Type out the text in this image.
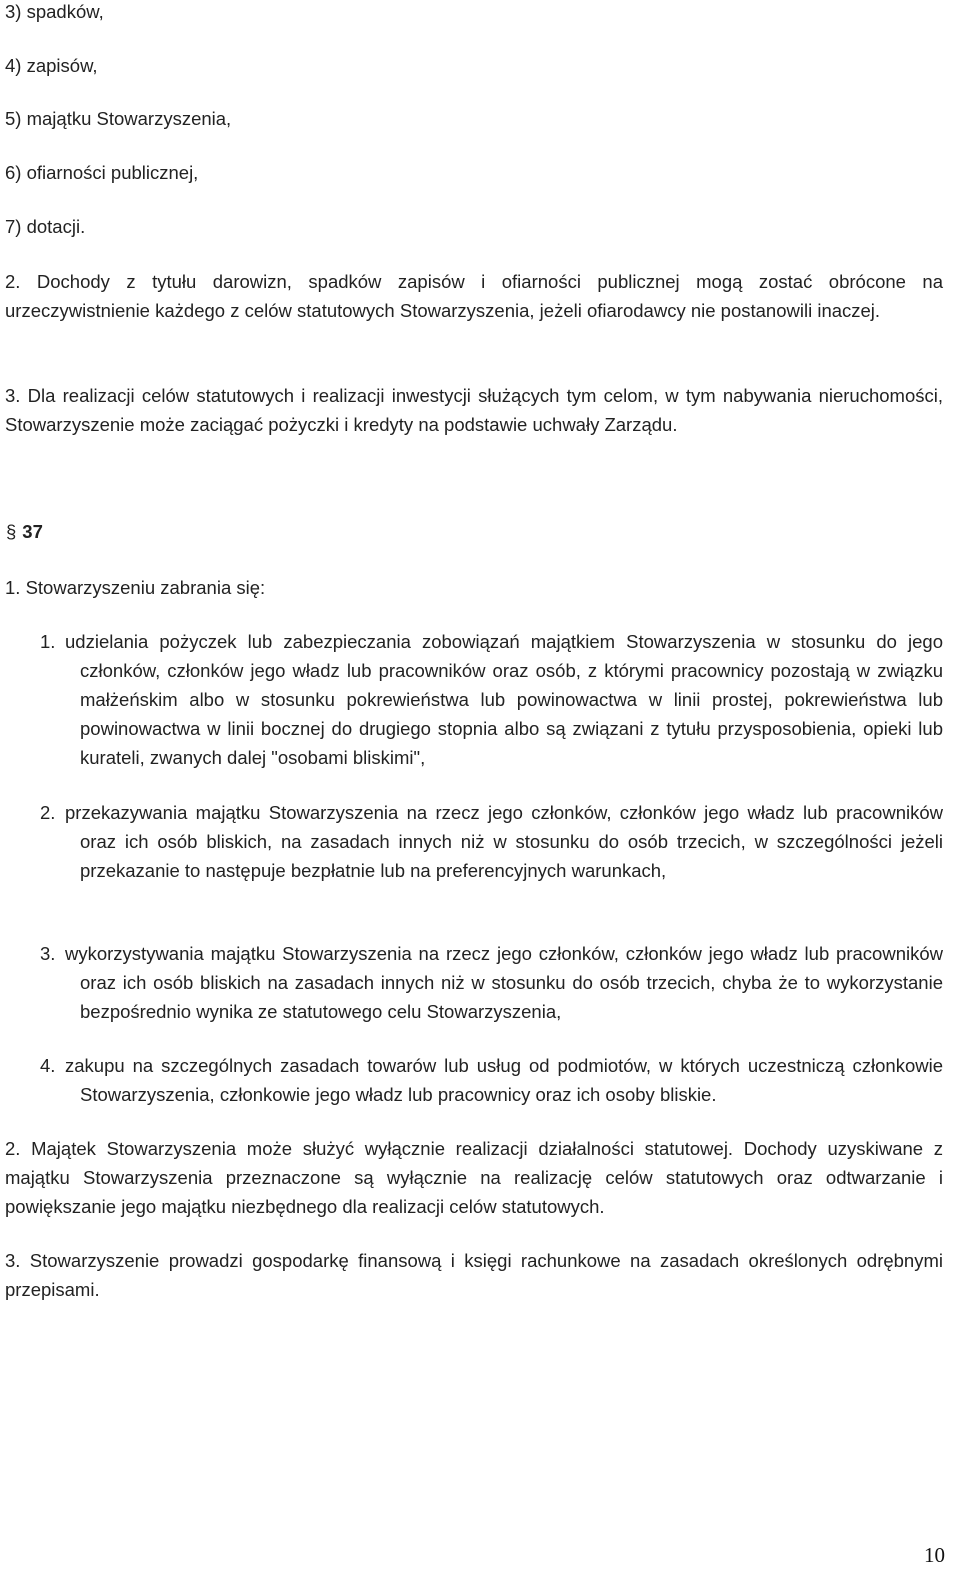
3) spadków,
4) zapisów,
5) majątku Stowarzyszenia,
6) ofiarności publicznej,
7) dotacji.
2. Dochody z tytułu darowizn, spadków zapisów i ofiarności publicznej mogą zostać obrócone na urzeczywistnienie każdego z celów statutowych Stowarzyszenia, jeżeli ofiarodawcy nie postanowili inaczej.
3. Dla realizacji celów statutowych i realizacji inwestycji służących tym celom, w tym nabywania nieruchomości, Stowarzyszenie może zaciągać pożyczki i kredyty na podstawie uchwały Zarządu.
§ 37
1. Stowarzyszeniu zabrania się:
1. udzielania pożyczek lub zabezpieczania zobowiązań majątkiem Stowarzyszenia w stosunku do jego członków, członków jego władz lub pracowników oraz osób, z którymi pracownicy pozostają w związku małżeńskim albo w stosunku pokrewieństwa lub powinowactwa w linii prostej, pokrewieństwa lub powinowactwa w linii bocznej do drugiego stopnia albo są związani z tytułu przysposobienia, opieki lub kurateli, zwanych dalej "osobami bliskimi",
2. przekazywania majątku Stowarzyszenia na rzecz jego członków, członków jego władz lub pracowników oraz ich osób bliskich, na zasadach innych niż w stosunku do osób trzecich, w szczególności jeżeli przekazanie to następuje bezpłatnie lub na preferencyjnych warunkach,
3. wykorzystywania majątku Stowarzyszenia na rzecz jego członków, członków jego władz lub pracowników oraz ich osób bliskich na zasadach innych niż w stosunku do osób trzecich, chyba że to wykorzystanie bezpośrednio wynika ze statutowego celu Stowarzyszenia,
4. zakupu na szczególnych zasadach towarów lub usług od podmiotów, w których uczestniczą członkowie Stowarzyszenia, członkowie jego władz lub pracownicy oraz ich osoby bliskie.
2. Majątek Stowarzyszenia może służyć wyłącznie realizacji działalności statutowej. Dochody uzyskiwane z majątku Stowarzyszenia przeznaczone są wyłącznie na realizację celów statutowych oraz odtwarzanie i powiększanie jego majątku niezbędnego dla realizacji celów statutowych.
3. Stowarzyszenie prowadzi gospodarkę finansową i księgi rachunkowe na zasadach określonych odrębnymi przepisami.
10
